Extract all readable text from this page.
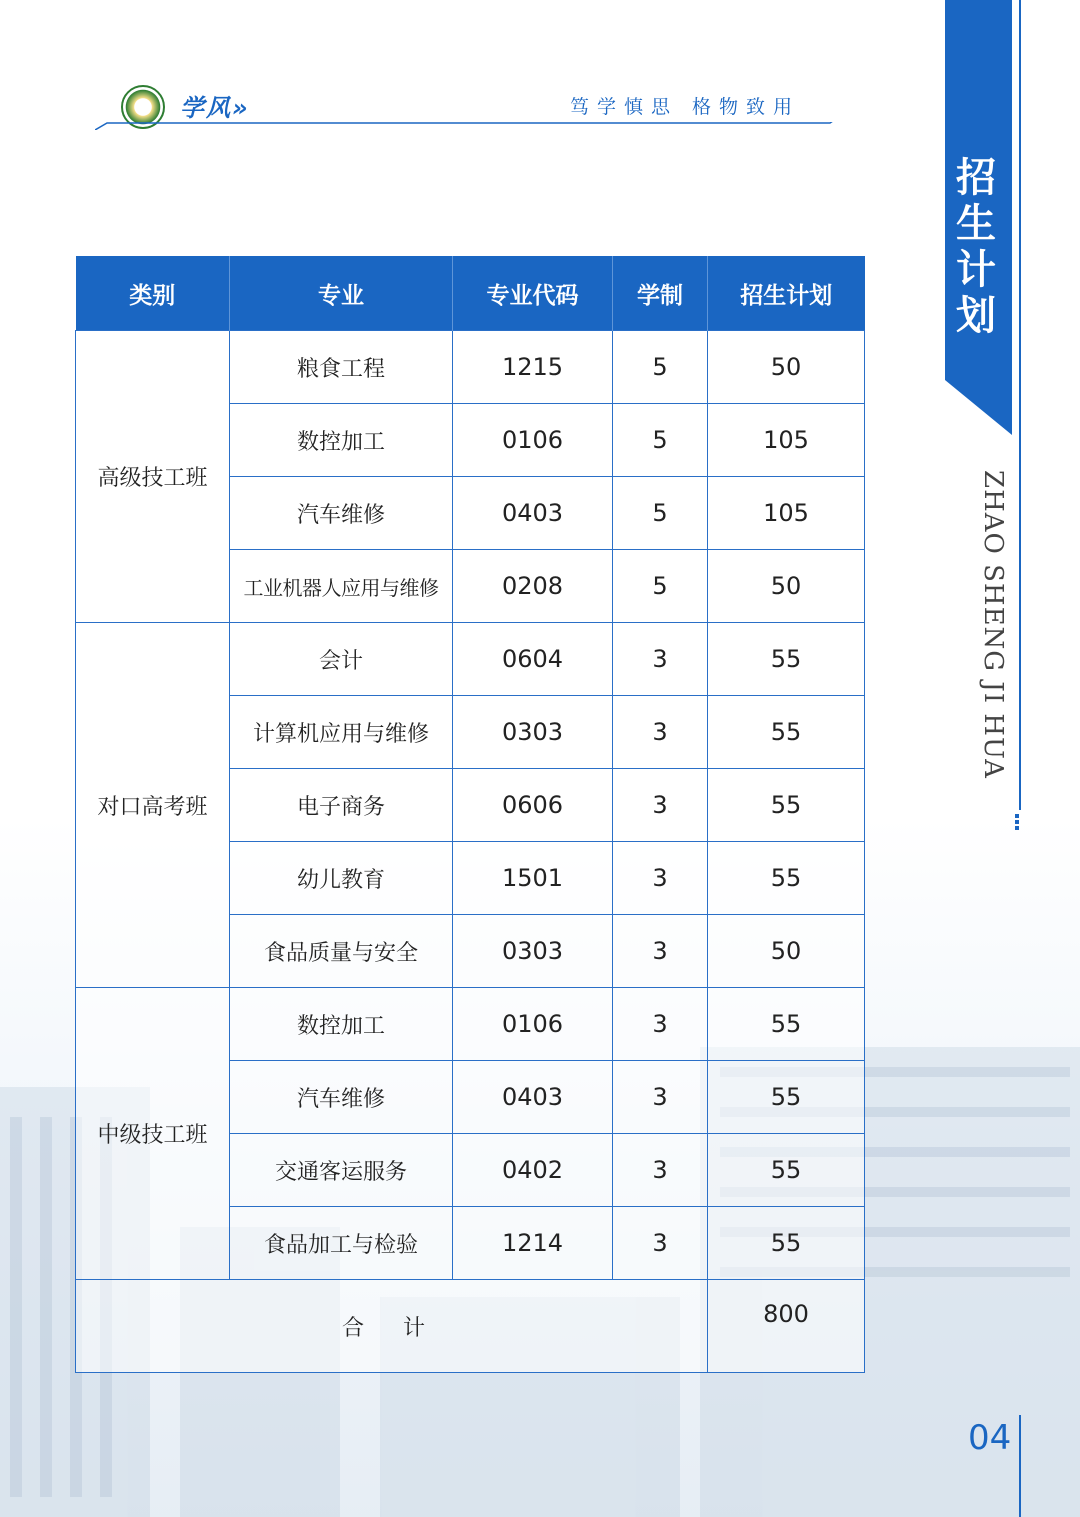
学风»	笃学慎思 格物致用
招生计划
ZHAO SHENG JI HUA
04
类别	专业	专业代码	学制	招生计划
高级技工班	粮食工程	1215	5	50
	数控加工	0106	5	105
	汽车维修	0403	5	105
	工业机器人应用与维修	0208	5	50
对口高考班	会计	0604	3	55
	计算机应用与维修	0303	3	55
	电子商务	0606	3	55
	幼儿教育	1501	3	55
	食品质量与安全	0303	3	50
中级技工班	数控加工	0106	3	55
	汽车维修	0403	3	55
	交通客运服务	0402	3	55
	食品加工与检验	1214	3	55
合 计				800
